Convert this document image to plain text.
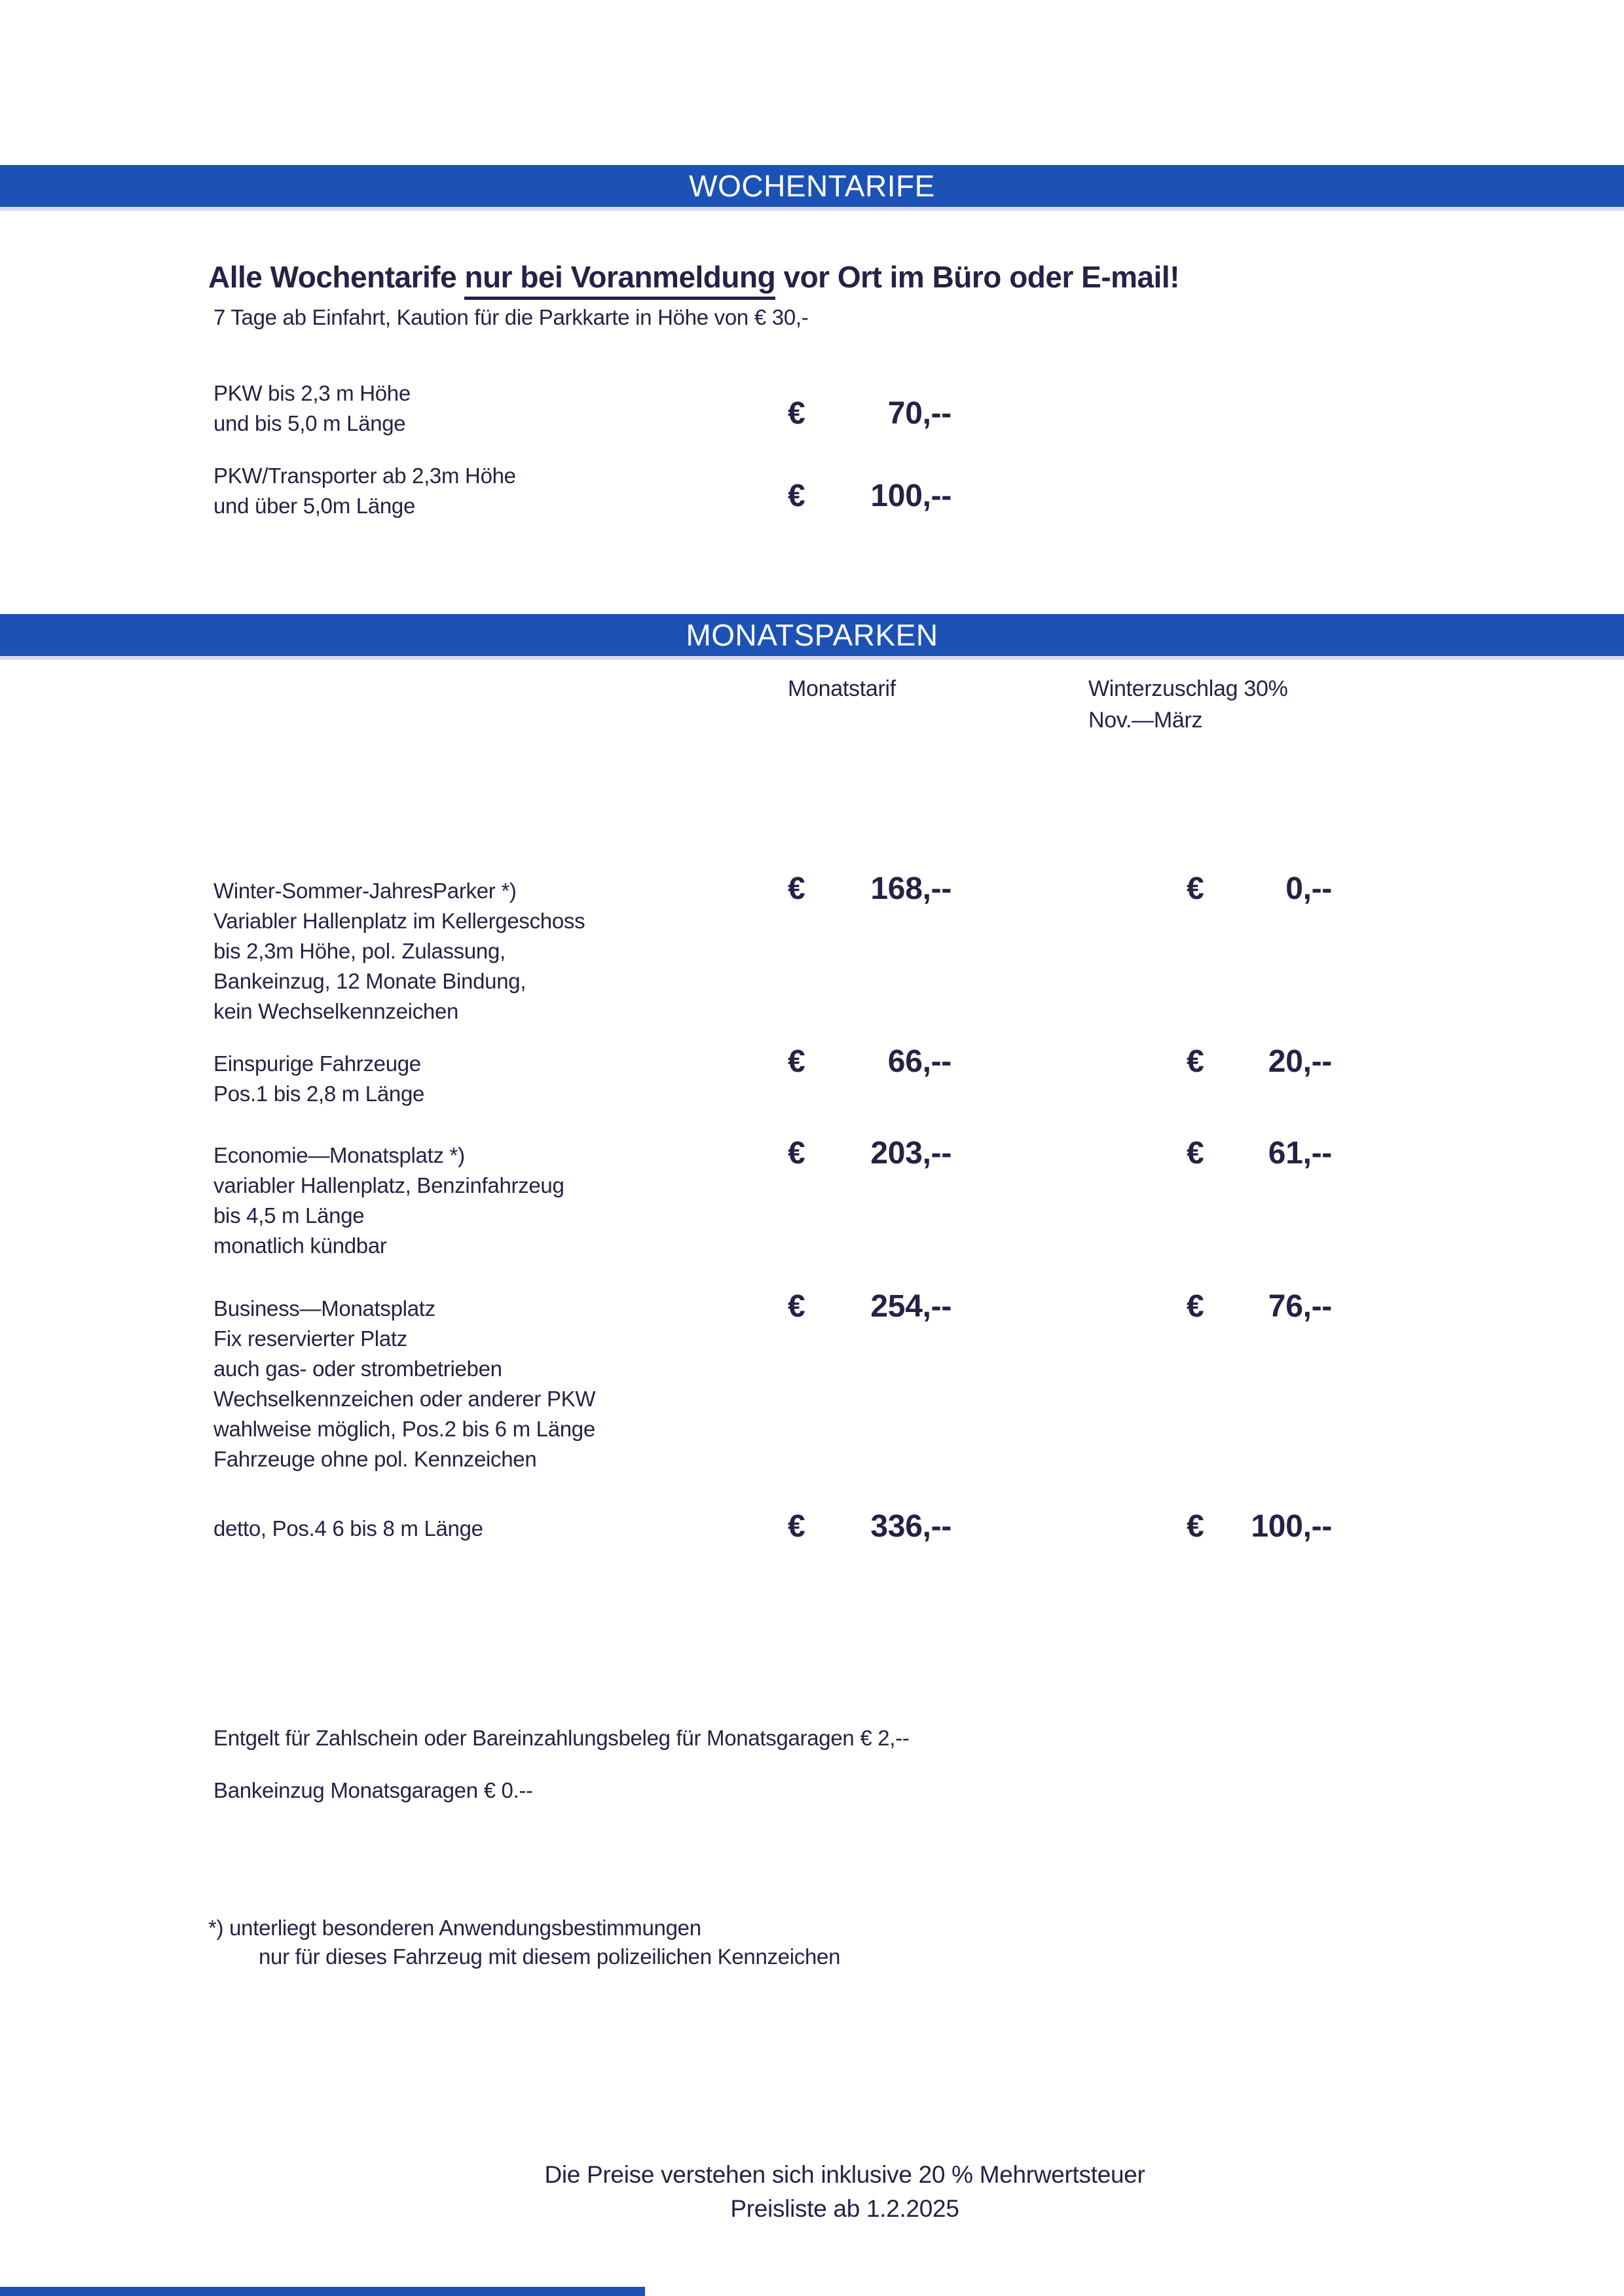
WOCHENTARIFE
Alle Wochentarife nur bei Voranmeldung vor Ort im Büro oder E-mail!
7 Tage ab Einfahrt, Kaution für die Parkkarte in Höhe von € 30,-
PKW bis 2,3 m Höhe
und bis 5,0 m Länge	€	70,--
PKW/Transporter ab 2,3m Höhe
und über 5,0m Länge	€ 100,--
MONATSPARKEN
Monatstarif	Winterzuschlag 30%
Nov.—März
Winter-Sommer-JahresParker *)
Variabler Hallenplatz im Kellergeschoss
bis 2,3m Höhe, pol. Zulassung,
Bankeinzug, 12 Monate Bindung,
kein Wechselkennzeichen
€ 168,--	€	0,--
Einspurige Fahrzeuge
Pos.1 bis 2,8 m Länge
€	66,--	€ 20,--
Economie—Monatsplatz *)
variabler Hallenplatz, Benzinfahrzeug
bis 4,5 m Länge
monatlich kündbar
€ 203,--	€ 61,--
Business—Monatsplatz
Fix reservierter Platz
auch gas- oder strombetrieben
Wechselkennzeichen oder anderer PKW
wahlweise möglich, Pos.2 bis 6 m Länge
Fahrzeuge ohne pol. Kennzeichen
€ 254,--	€ 76,--
detto, Pos.4 6 bis 8 m Länge	€ 336,--	€ 100,--
Entgelt für Zahlschein oder Bareinzahlungsbeleg für Monatsgaragen € 2,--
Bankeinzug Monatsgaragen € 0.--
*) unterliegt besonderen Anwendungsbestimmungen
nur für dieses Fahrzeug mit diesem polizeilichen Kennzeichen
Die Preise verstehen sich inklusive 20 % Mehrwertsteuer
Preisliste ab 1.2.2025
